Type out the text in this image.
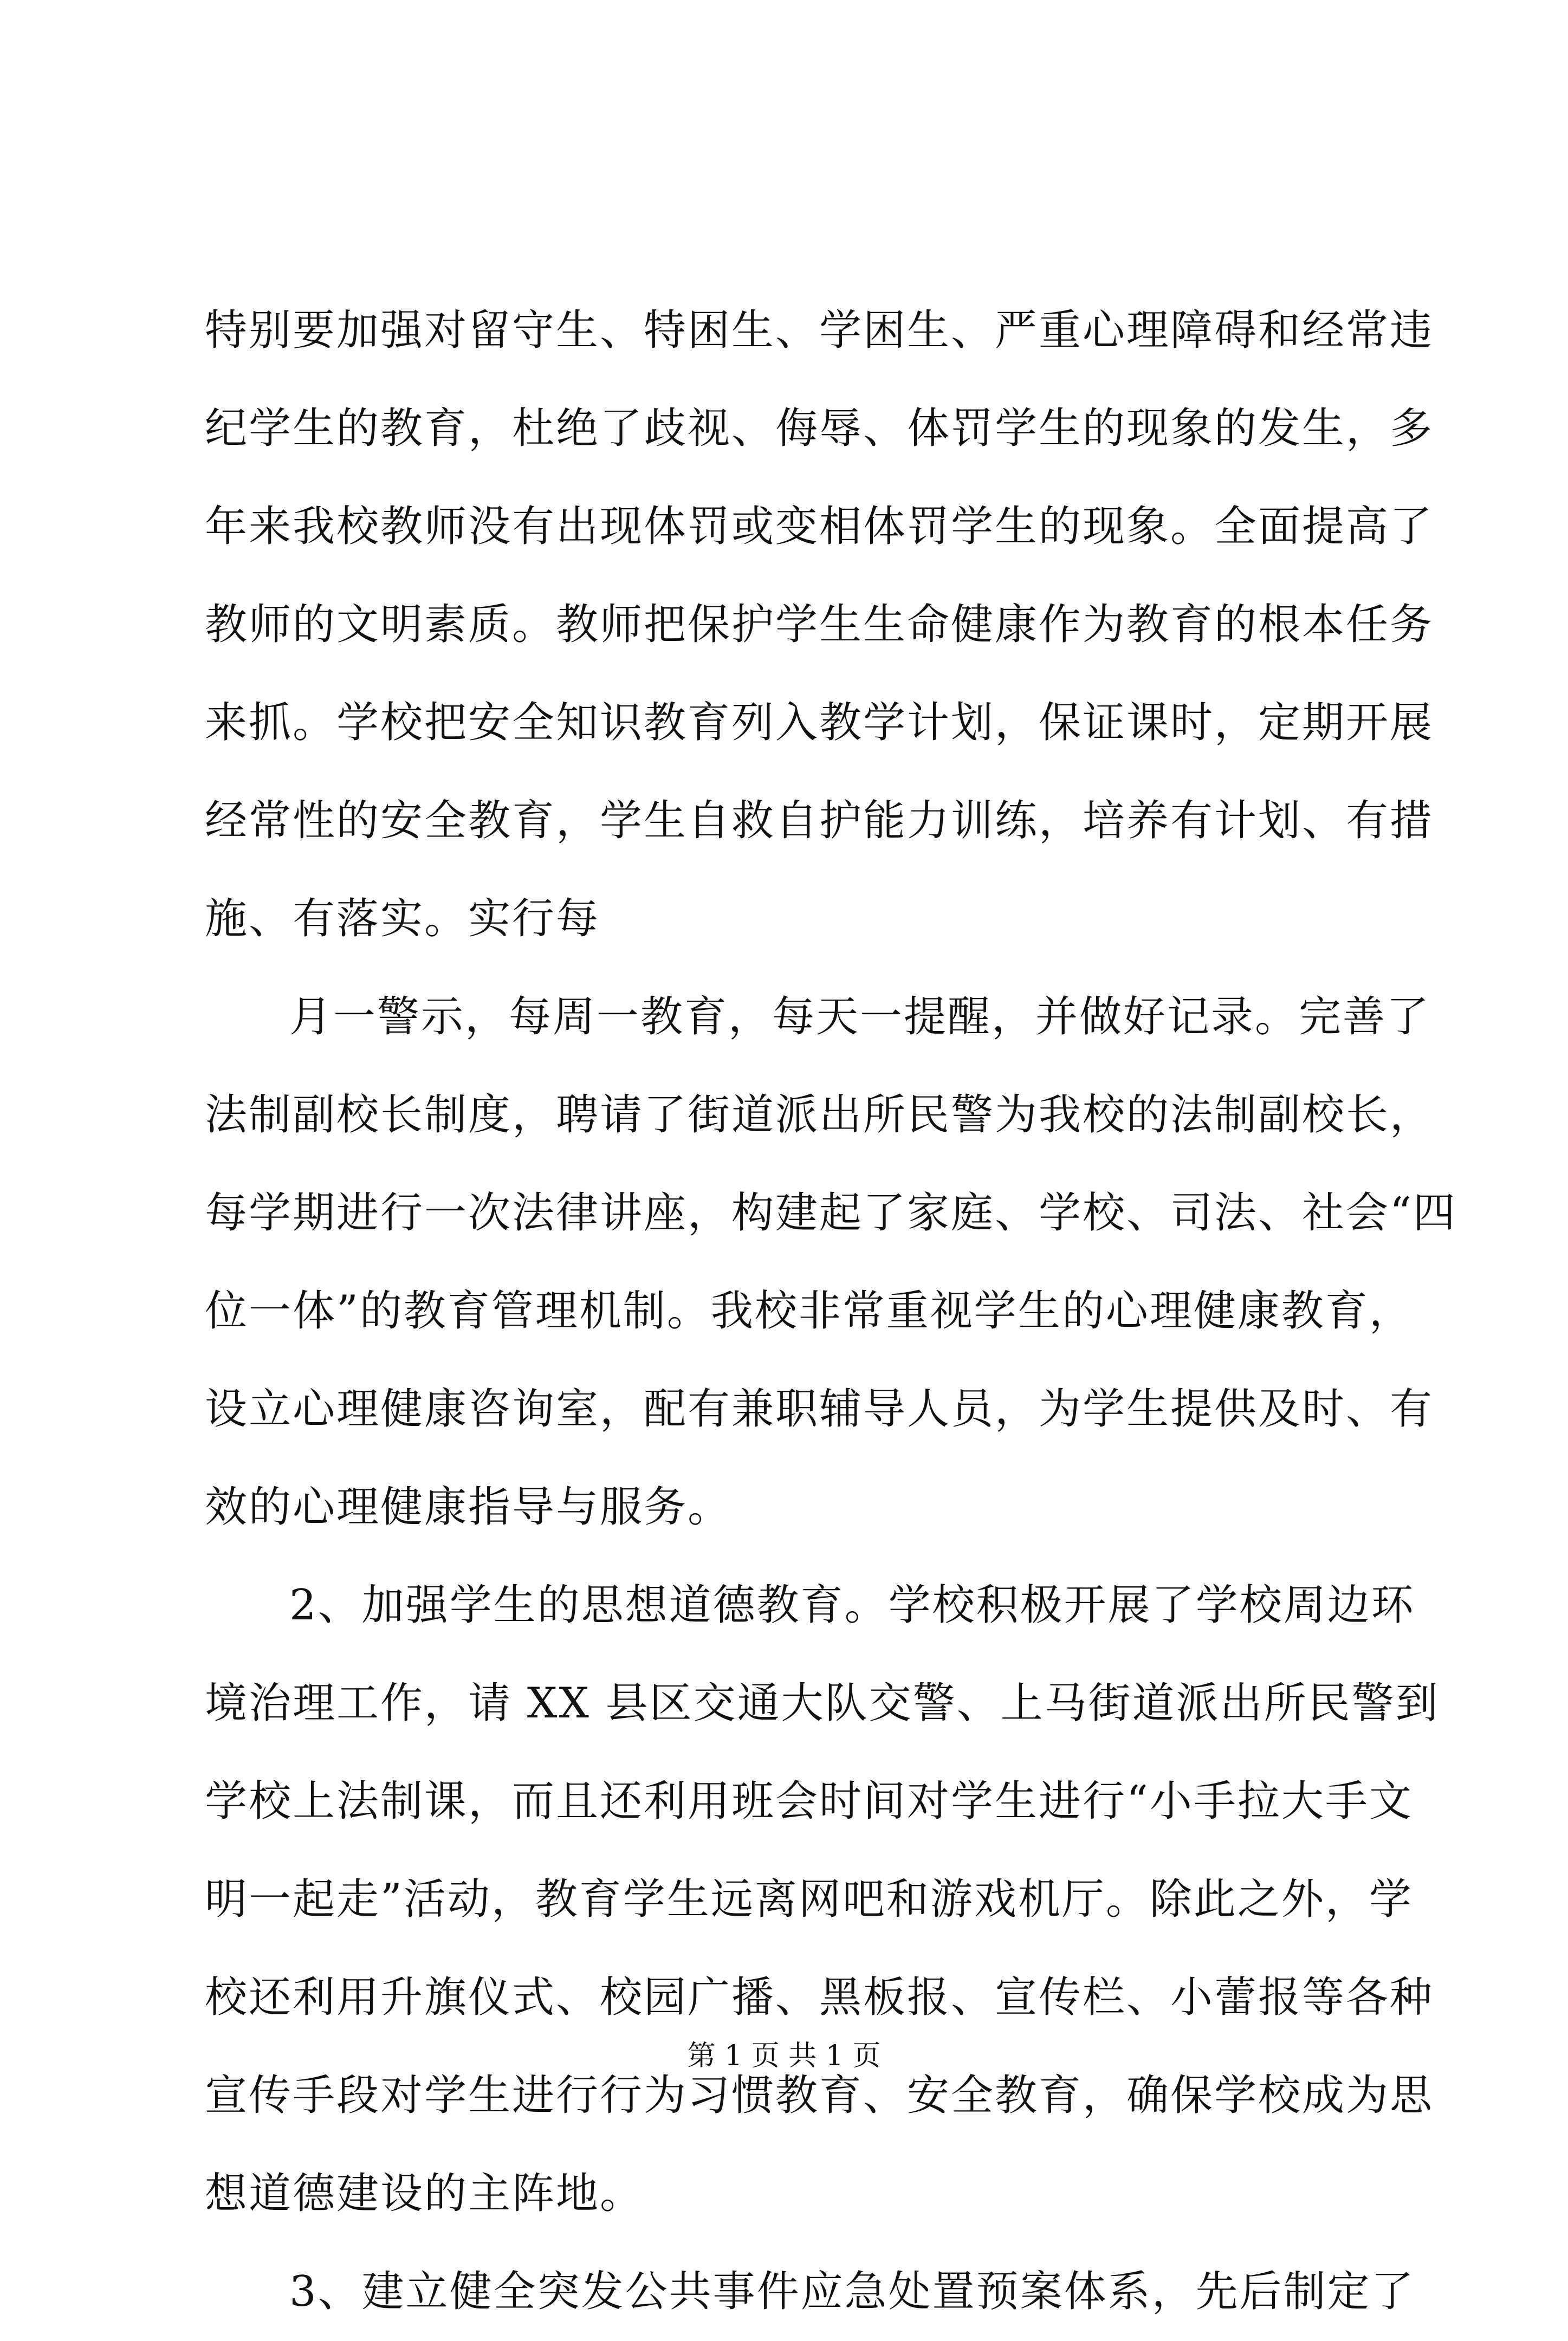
特别要加强对留守生、特困生、学困生、严重心理障碍和经常违
纪学生的教育，杜绝了歧视、侮辱、体罚学生的现象的发生，多
年来我校教师没有出现体罚或变相体罚学生的现象。全面提高了
教师的文明素质。教师把保护学生生命健康作为教育的根本任务
来抓。学校把安全知识教育列入教学计划，保证课时，定期开展
经常性的安全教育，学生自救自护能力训练，培养有计划、有措
施、有落实。实行每
月一警示，每周一教育，每天一提醒，并做好记录。完善了
法制副校长制度，聘请了街道派出所民警为我校的法制副校长，
每学期进行一次法律讲座，构建起了家庭、学校、司法、社会“四
位一体”的教育管理机制。我校非常重视学生的心理健康教育，
设立心理健康咨询室，配有兼职辅导人员，为学生提供及时、有
效的心理健康指导与服务。
2、加强学生的思想道德教育。学校积极开展了学校周边环
境治理工作，请 XX 县区交通大队交警、上马街道派出所民警到
学校上法制课，而且还利用班会时间对学生进行“小手拉大手文
明一起走”活动，教育学生远离网吧和游戏机厅。除此之外，学
校还利用升旗仪式、校园广播、黑板报、宣传栏、小蕾报等各种
宣传手段对学生进行行为习惯教育、安全教育，确保学校成为思
想道德建设的主阵地。
3、建立健全突发公共事件应急处置预案体系，先后制定了
第 1 页 共 1 页
